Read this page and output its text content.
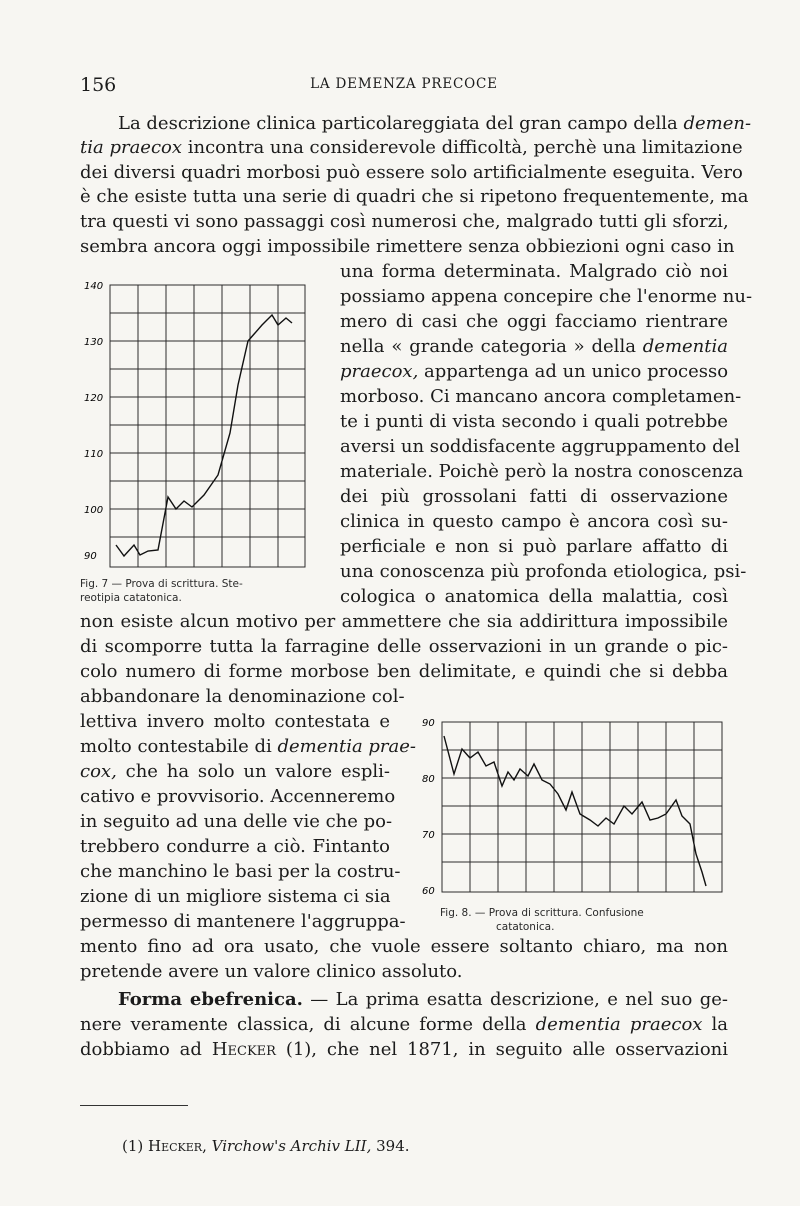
156	LA DEMENZA PRECOCE
La descrizione clinica particolareggiata del gran campo della demen-
tia praecox incontra una considerevole difficoltà, perchè una limitazione
dei diversi quadri morbosi può essere solo artificialmente eseguita. Vero
è che esiste tutta una serie di quadri che si ripetono frequentemente, ma
tra questi vi sono passaggi così numerosi che, malgrado tutti gli sforzi,
sembra ancora oggi impossibile rimettere senza obbiezioni ogni caso in
una forma determinata. Malgrado ciò noi
possiamo appena concepire che l'enorme nu-
mero di casi che oggi facciamo rientrare
nella « grande categoria » della dementia
praecox, appartenga ad un unico processo
morboso. Ci mancano ancora completamen-
te i punti di vista secondo i quali potrebbe
aversi un soddisfacente aggruppamento del
materiale. Poichè però la nostra conoscenza
dei più grossolani fatti di osservazione
clinica in questo campo è ancora così su-
perficiale e non si può parlare affatto di
una conoscenza più profonda etiologica, psi-
cologica o anatomica della malattia, così
non esiste alcun motivo per ammettere che sia addirittura impossibile
di scomporre tutta la farragine delle osservazioni in un grande o pic-
colo numero di forme morbose ben delimitate, e quindi che si debba
abbandonare la denominazione col-
lettiva invero molto contestata e
molto contestabile di dementia prae-
cox, che ha solo un valore espli-
cativo e provvisorio. Accenneremo
in seguito ad una delle vie che po-
trebbero condurre a ciò. Fintanto
che manchino le basi per la costru-
zione di un migliore sistema ci sia
permesso di mantenere l'aggruppa-
mento fino ad ora usato, che vuole essere soltanto chiaro, ma non
pretende avere un valore clinico assoluto.
Forma ebefrenica. — La prima esatta descrizione, e nel suo ge-
nere veramente classica, di alcune forme della dementia praecox la
dobbiamo ad Hecker (1), che nel 1871, in seguito alle osservazioni
140
130
120
110
100
90
Fig. 7 — Prova di scrittura. Ste-
reotipia catatonica.
90
80
70
60
Fig. 8. — Prova di scrittura. Confusione
catatonica.
(1) Hecker, Virchow's Archiv LII, 394.
